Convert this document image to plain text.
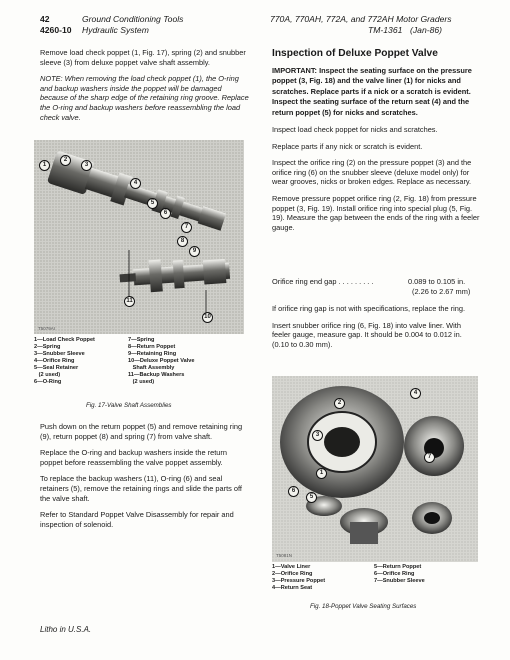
42	Ground Conditioning Tools	770A, 770AH, 772A, and 772AH Motor Graders
4260-10 Hydraulic System	TM-1361 (Jan-86)

Remove load check poppet (1, Fig. 17), spring (2) and snubber sleeve (3) from deluxe poppet valve shaft assembly.

NOTE: When removing the load check poppet (1), the O-ring and backup washers inside the poppet will be damaged because of the sharp edge of the retaining ring groove. Replace the O-ring and backup washers before reassembling the load check valve.

1
2
3
4
5
6
7
8
9
11
10
T5079AI
1—Load Check Poppet
2—Spring
3—Snubber Sleeve
4—Orifice Ring
5—Seal Retainer
(2 used)
6—O-Ring
7—Spring
8—Return Poppet
9—Retaining Ring
10—Deluxe Poppet Valve
Shaft Assembly
11—Backup Washers
(2 used)
Fig. 17-Valve Shaft Assemblies

Push down on the return poppet (5) and remove retaining ring (9), return poppet (8) and spring (7) from valve shaft.

Replace the O-ring and backup washers inside the return poppet before reassembling the valve poppet assembly.

To replace the backup washers (11), O-ring (6) and seal retainers (5), remove the retaining rings and slide the parts off the valve shaft.

Refer to Standard Poppet Valve Disassembly for repair and inspection of solenoid.

Inspection of Deluxe Poppet Valve

IMPORTANT: Inspect the seating surface on the pressure poppet (3, Fig. 18) and the valve liner (1) for nicks and scratches. Replace parts if a nick or a scratch is evident. Inspect the seating surface of the return seat (4) and the return poppet (5) for nicks and scratches.

Inspect load check poppet for nicks and scratches.

Replace parts if any nick or scratch is evident.

Inspect the orifice ring (2) on the pressure poppet (3) and the orifice ring (6) on the snubber sleeve (deluxe model only) for wear grooves, nicks or broken edges. Replace as necessary.

Remove pressure poppet orifice ring (2, Fig. 18) from pressure poppet (3, Fig. 19). Install orifice ring into special plug (5, Fig. 19). Measure the gap between the ends of the ring with a feeler gauge.

Orifice ring end gap . . . . . . . . .	0.089 to 0.105 in.
(2.26 to 2.67 mm)

If orifice ring gap is not with specifications, replace the ring.

Insert snubber orifice ring (6, Fig. 18) into valve liner. With feeler gauge, measure gap. It should be 0.004 to 0.012 in. (0.10 to 0.30 mm).

4
2
3
7
1
6
5
T5081N
1—Valve Liner
2—Orifice Ring
3—Pressure Poppet
4—Return Seat
5—Return Poppet
6—Orifice Ring
7—Snubber Sleeve
Fig. 18-Poppet Valve Seating Surfaces
Litho in U.S.A.
